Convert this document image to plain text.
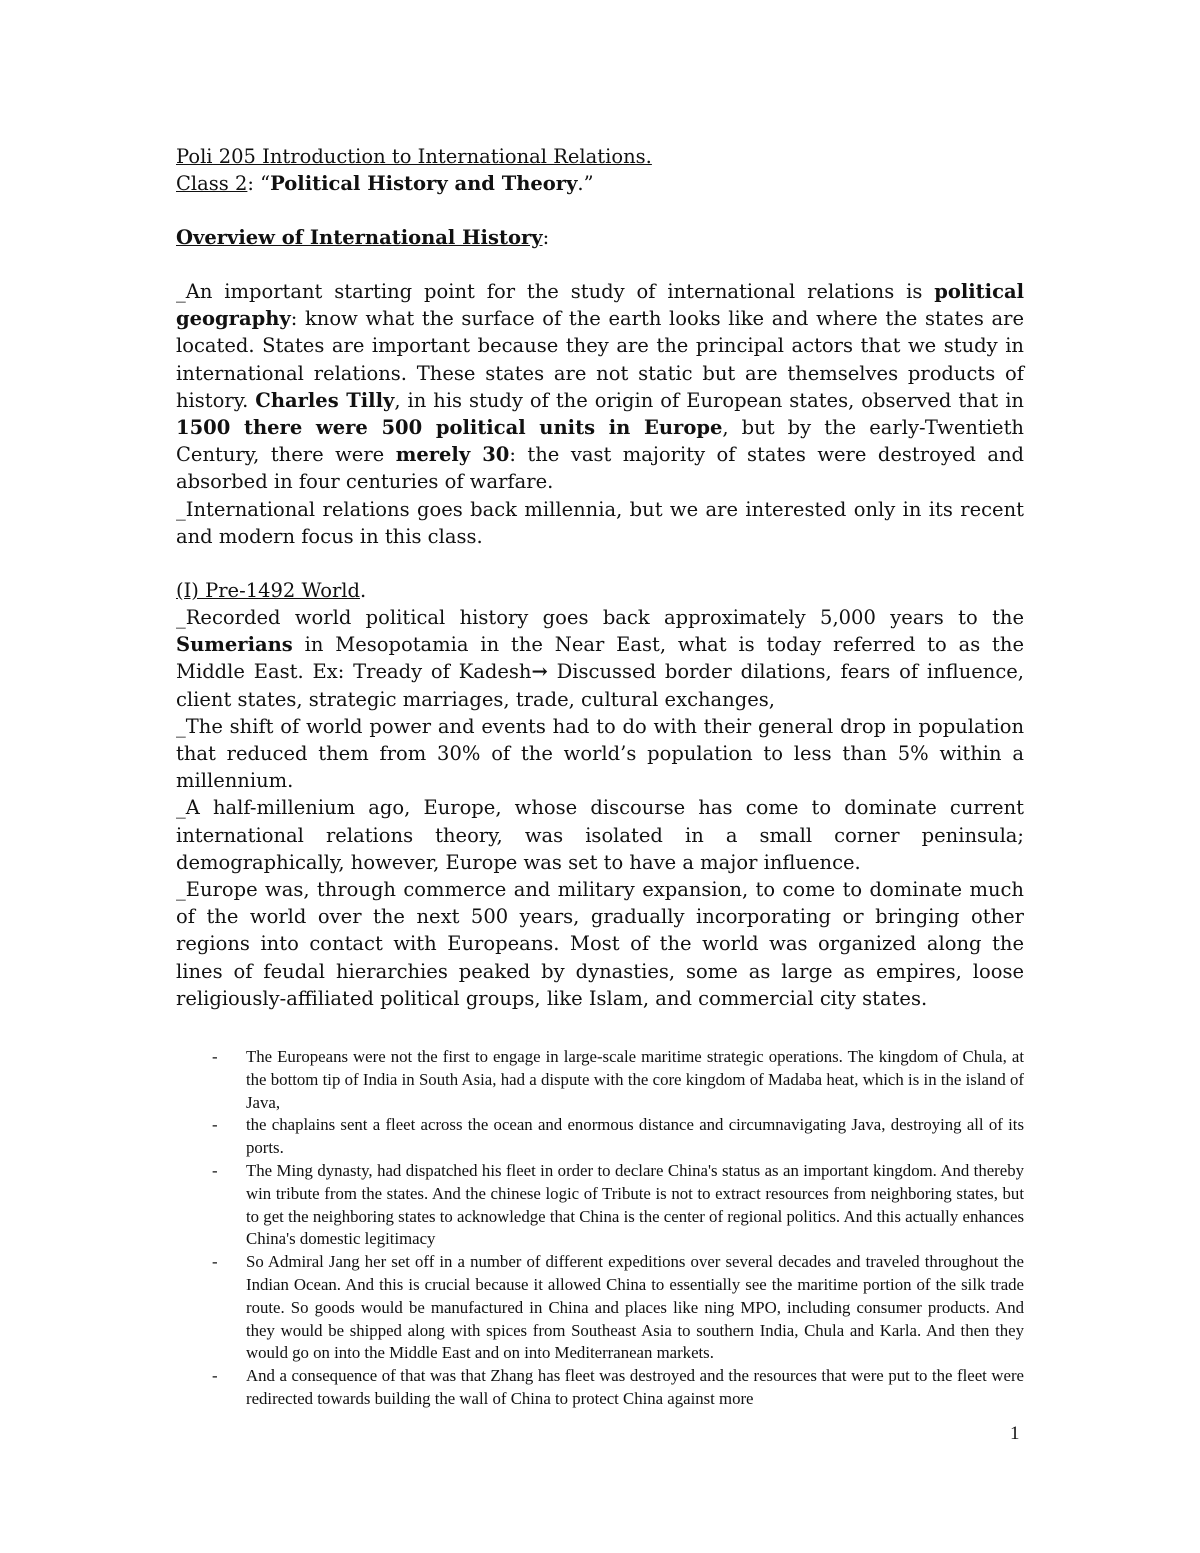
Poli 205 Introduction to International Relations.

Class 2: “Political History and Theory.”

Overview of International History:

_An important starting point for the study of international relations is political geography: know what the surface of the earth looks like and where the states are located. States are important because they are the principal actors that we study in international relations. These states are not static but are themselves products of history. Charles Tilly, in his study of the origin of European states, observed that in 1500 there were 500 political units in Europe, but by the early-Twentieth Century, there were merely 30: the vast majority of states were destroyed and absorbed in four centuries of warfare.

_International relations goes back millennia, but we are interested only in its recent and modern focus in this class.

(I) Pre-1492 World.

_Recorded world political history goes back approximately 5,000 years to the Sumerians in Mesopotamia in the Near East, what is today referred to as the Middle East. Ex: Tready of Kadesh→ Discussed border dilations, fears of influence, client states, strategic marriages, trade, cultural exchanges,

_The shift of world power and events had to do with their general drop in population that reduced them from 30% of the world’s population to less than 5% within a millennium.

_A half-millenium ago, Europe, whose discourse has come to dominate current international relations theory, was isolated in a small corner peninsula; demographically, however, Europe was set to have a major influence.

_Europe was, through commerce and military expansion, to come to dominate much of the world over the next 500 years, gradually incorporating or bringing other regions into contact with Europeans. Most of the world was organized along the lines of feudal hierarchies peaked by dynasties, some as large as empires, loose religiously-affiliated political groups, like Islam, and commercial city states.

- The Europeans were not the first to engage in large-scale maritime strategic operations. The kingdom of Chula, at the bottom tip of India in South Asia, had a dispute with the core kingdom of Madaba heat, which is in the island of Java,
- the chaplains sent a fleet across the ocean and enormous distance and circumnavigating Java, destroying all of its ports.
- The Ming dynasty, had dispatched his fleet in order to declare China's status as an important kingdom. And thereby win tribute from the states. And the chinese logic of Tribute is not to extract resources from neighboring states, but to get the neighboring states to acknowledge that China is the center of regional politics. And this actually enhances China's domestic legitimacy
- So Admiral Jang her set off in a number of different expeditions over several decades and traveled throughout the Indian Ocean. And this is crucial because it allowed China to essentially see the maritime portion of the silk trade route. So goods would be manufactured in China and places like ning MPO, including consumer products. And they would be shipped along with spices from Southeast Asia to southern India, Chula and Karla. And then they would go on into the Middle East and on into Mediterranean markets.
- And a consequence of that was that Zhang has fleet was destroyed and the resources that were put to the fleet were redirected towards building the wall of China to protect China against more
1
